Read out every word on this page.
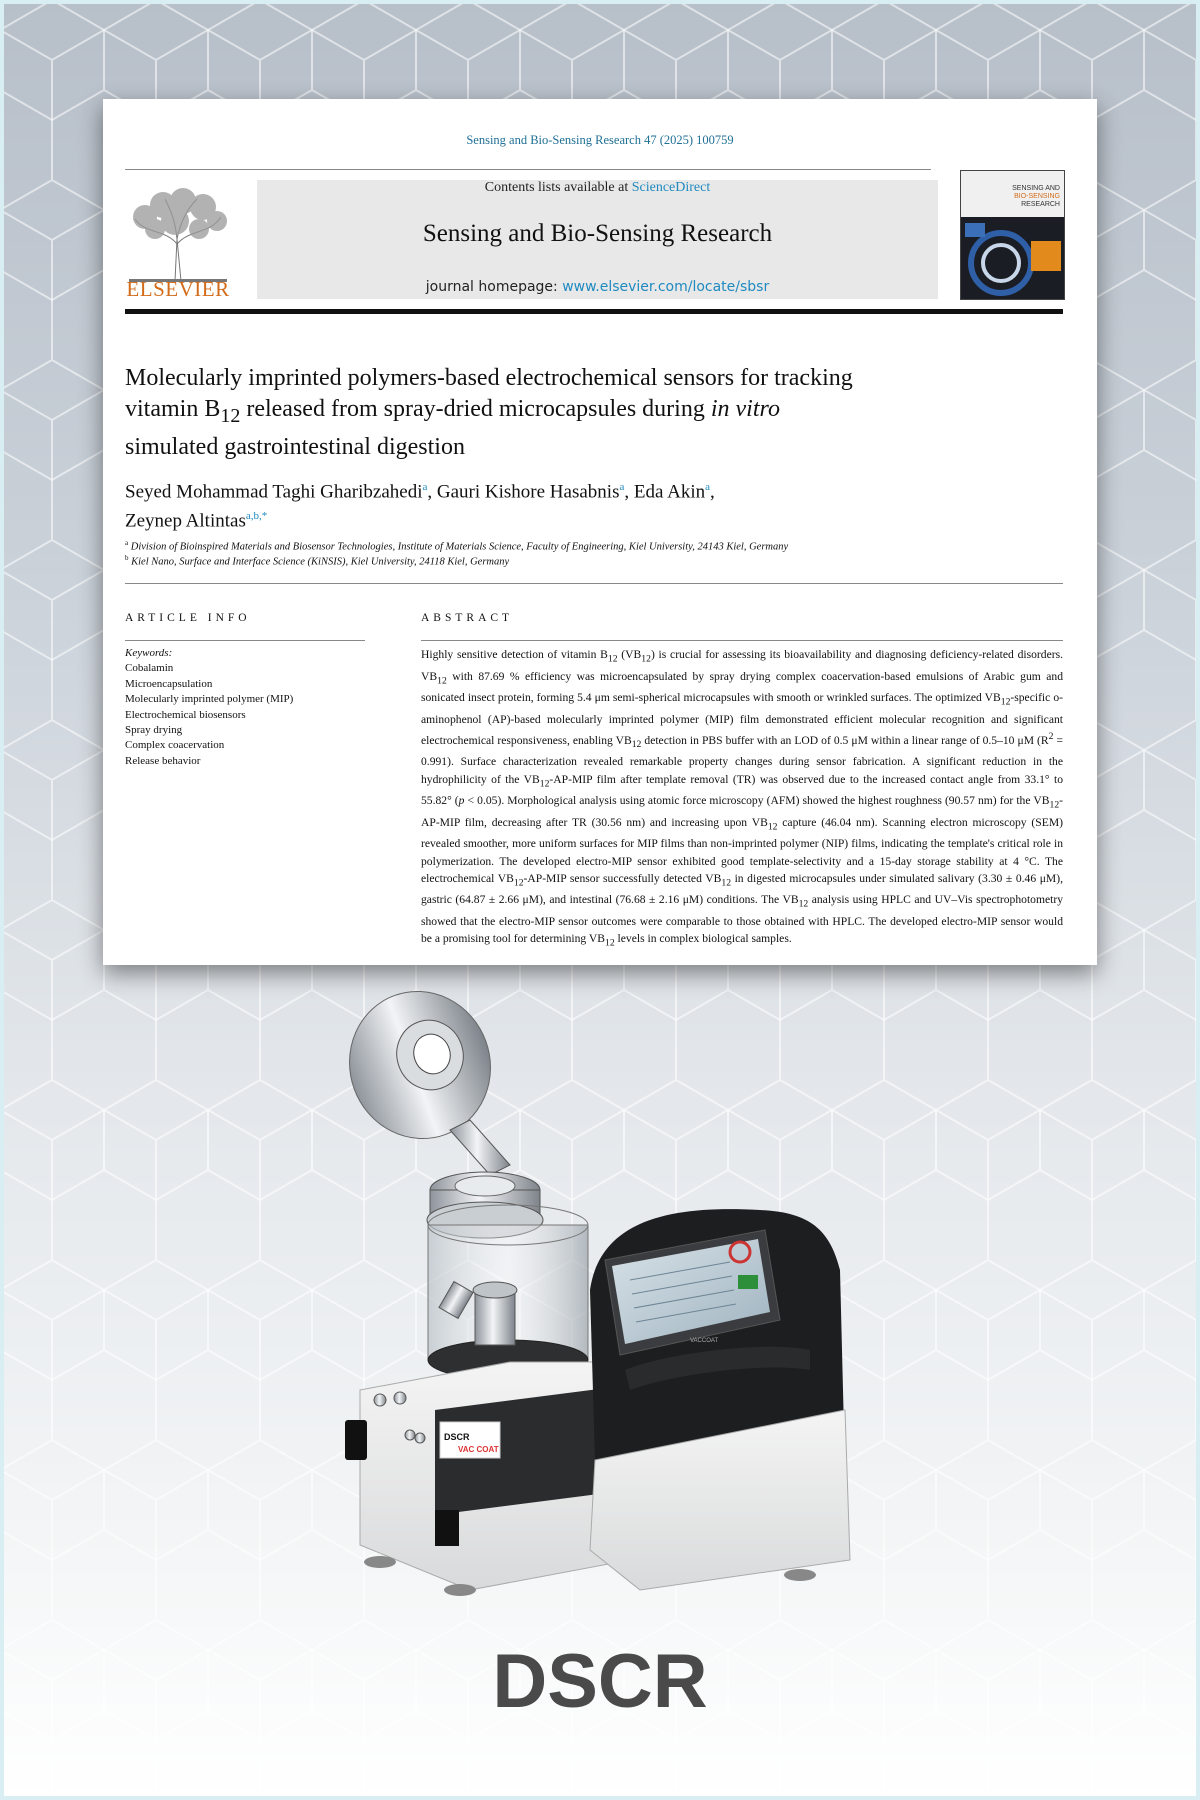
Sensing and Bio-Sensing Research 47 (2025) 100759
ELSEVIER
Contents lists available at ScienceDirect
Sensing and Bio-Sensing Research
journal homepage: www.elsevier.com/locate/sbsr
SENSING AND
BIO-SENSING
RESEARCH
Molecularly imprinted polymers-based electrochemical sensors for tracking
vitamin $B_{12}$ released from spray-dried microcapsules during in vitro
simulated gastrointestinal digestion
Seyed Mohammad Taghi Gharibzahedi$^a$, Gauri Kishore Hasabnis$^a$, Eda Akin$^a$,
Zeynep Altintas$^{a,b,*}$
$^a$ Division of Bioinspired Materials and Biosensor Technologies, Institute of Materials Science, Faculty of Engineering, Kiel University, 24143 Kiel, Germany
$^b$ Kiel Nano, Surface and Interface Science (KiNSIS), Kiel University, 24118 Kiel, Germany
ARTICLE INFO	ABSTRACT
Keywords:
Cobalamin
Microencapsulation
Molecularly imprinted polymer (MIP)
Electrochemical biosensors
Spray drying
Complex coacervation
Release behavior
Highly sensitive detection of vitamin $B_{12}$ $(VB_{12})$ is crucial for assessing its bioavailability and diagnosing deficiency-related disorders. $VB_{12}$ with 87.69 % efficiency was microencapsulated by spray drying complex coacervation-based emulsions of Arabic gum and sonicated insect protein, forming 5.4 μm semi-spherical microcapsules with smooth or wrinkled surfaces. The optimized $VB_{12}$-specific o-aminophenol (AP)-based molecularly imprinted polymer (MIP) film demonstrated efficient molecular recognition and significant electrochemical responsiveness, enabling $VB_{12}$ detection in PBS buffer with an LOD of 0.5 μM within a linear range of 0.5–10 μM $(R^2 = 0.991)$. Surface characterization revealed remarkable property changes during sensor fabrication. A significant reduction in the hydrophilicity of the $VB_{12}-AP$-MIP film after template removal (TR) was observed due to the increased contact angle from 33.1° to 55.82° (p < 0.05). Morphological analysis using atomic force microscopy (AFM) showed the highest roughness (90.57 nm) for the $VB_{12}-AP$-MIP film, decreasing after TR (30.56 nm) and increasing upon $VB_{12}$ capture (46.04 nm). Scanning electron microscopy (SEM) revealed smoother, more uniform surfaces for MIP films than non-imprinted polymer (NIP) films, indicating the template's critical role in polymerization. The developed electro-MIP sensor exhibited good template-selectivity and a 15-day storage stability at 4 °C. The electrochemical $VB_{12}-AP$-MIP sensor successfully detected $VB_{12}$ in digested microcapsules under simulated salivary (3.30 ± 0.46 μM), gastric (64.87 ± 2.66 μM), and intestinal (76.68 ± 2.16 μM) conditions. The $VB_{12}$ analysis using HPLC and UV–Vis spectrophotometry showed that the electro-MIP sensor outcomes were comparable to those obtained with HPLC. The developed electro-MIP sensor would be a promising tool for determining $VB_{12}$ levels in complex biological samples.
DSCR
VAC COAT
VACCOAT
DSCR
